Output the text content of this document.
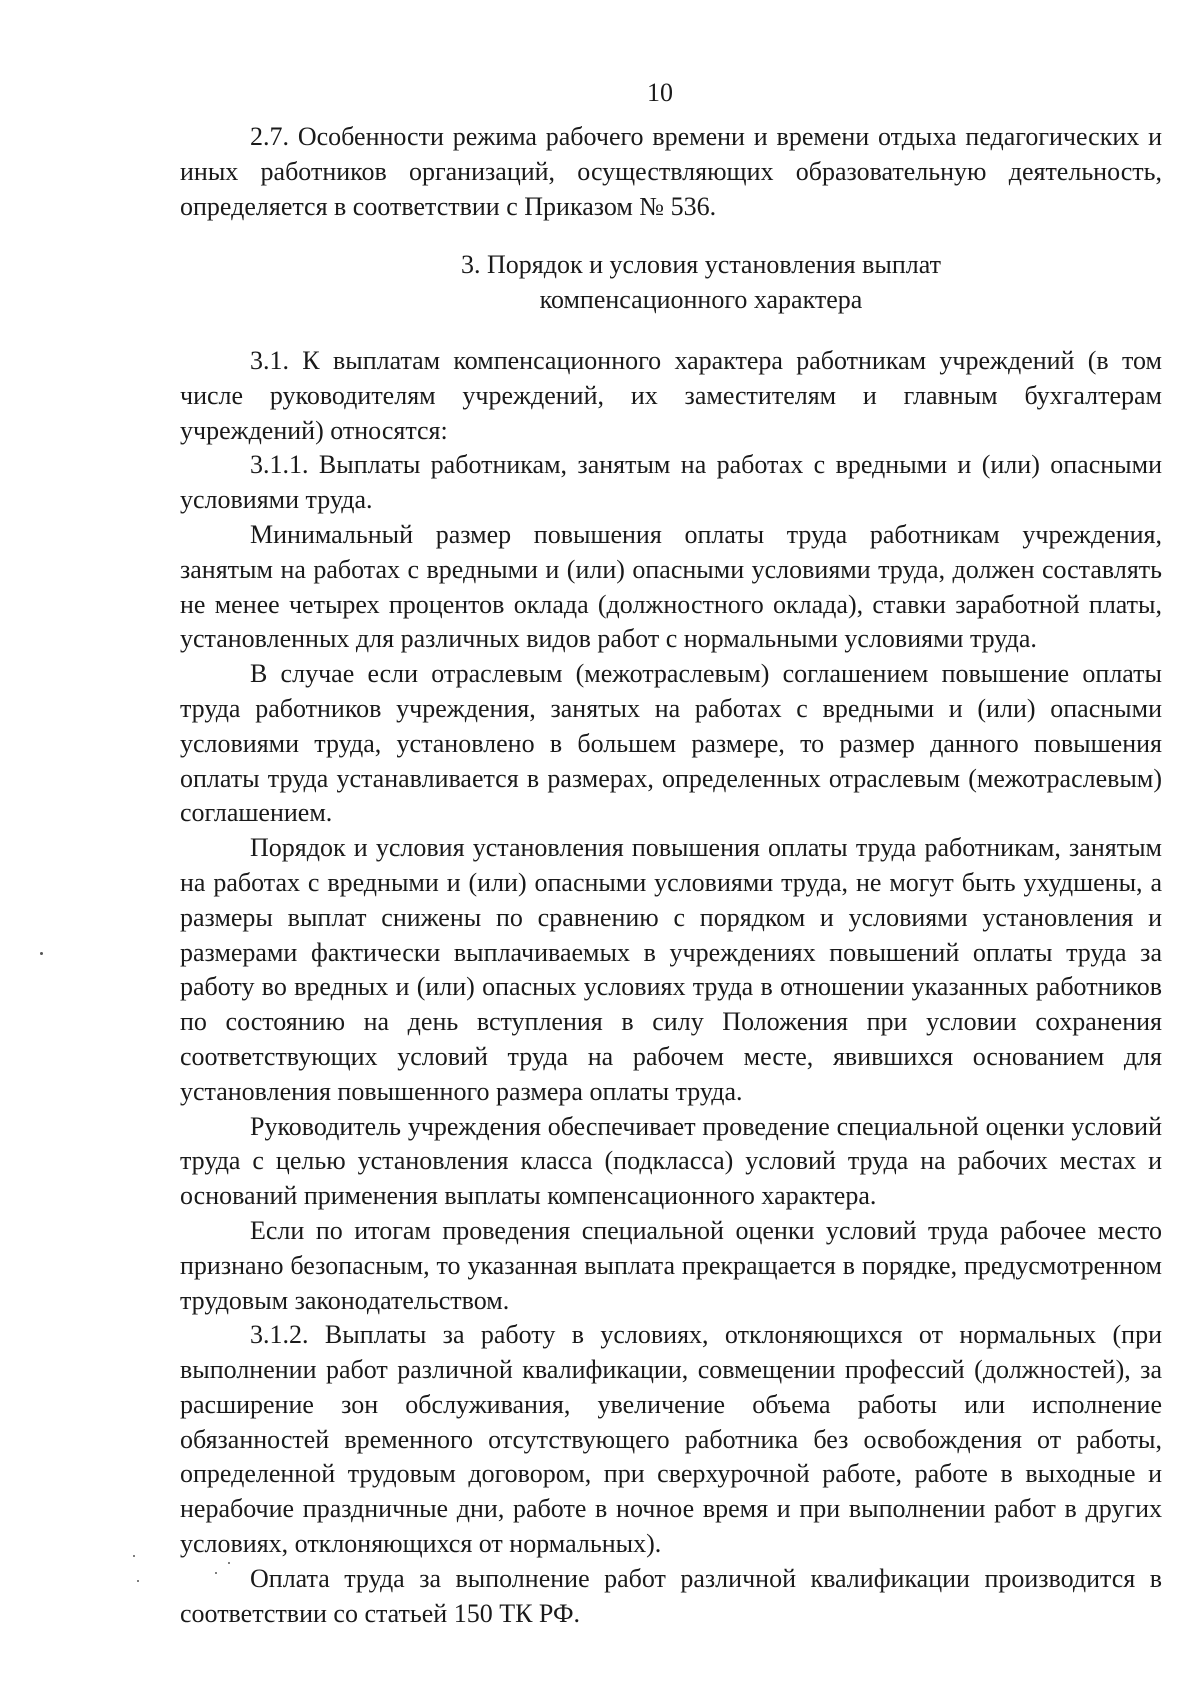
10

2.7. Особенности режима рабочего времени и времени отдыха педагогических и иных работников организаций, осуществляющих образовательную деятельность, определяется в соответствии с Приказом № 536.

3. Порядок и условия установления выплат
компенсационного характера

3.1. К выплатам компенсационного характера работникам учреждений (в том числе руководителям учреждений, их заместителям и главным бухгалтерам учреждений) относятся:

3.1.1. Выплаты работникам, занятым на работах с вредными и (или) опасными условиями труда.

Минимальный размер повышения оплаты труда работникам учреждения, занятым на работах с вредными и (или) опасными условиями труда, должен составлять не менее четырех процентов оклада (должностного оклада), ставки заработной платы, установленных для различных видов работ с нормальными условиями труда.

В случае если отраслевым (межотраслевым) соглашением повышение оплаты труда работников учреждения, занятых на работах с вредными и (или) опасными условиями труда, установлено в большем размере, то размер данного повышения оплаты труда устанавливается в размерах, определенных отраслевым (межотраслевым) соглашением.

Порядок и условия установления повышения оплаты труда работникам, занятым на работах с вредными и (или) опасными условиями труда, не могут быть ухудшены, а размеры выплат снижены по сравнению с порядком и условиями установления и размерами фактически выплачиваемых в учреждениях повышений оплаты труда за работу во вредных и (или) опасных условиях труда в отношении указанных работников по состоянию на день вступления в силу Положения при условии сохранения соответствующих условий труда на рабочем месте, явившихся основанием для установления повышенного размера оплаты труда.

Руководитель учреждения обеспечивает проведение специальной оценки условий труда с целью установления класса (подкласса) условий труда на рабочих местах и оснований применения выплаты компенсационного характера.

Если по итогам проведения специальной оценки условий труда рабочее место признано безопасным, то указанная выплата прекращается в порядке, предусмотренном трудовым законодательством.

3.1.2. Выплаты за работу в условиях, отклоняющихся от нормальных (при выполнении работ различной квалификации, совмещении профессий (должностей), за расширение зон обслуживания, увеличение объема работы или исполнение обязанностей временного отсутствующего работника без освобождения от работы, определенной трудовым договором, при сверхурочной работе, работе в выходные и нерабочие праздничные дни, работе в ночное время и при выполнении работ в других условиях, отклоняющихся от нормальных).

Оплата труда за выполнение работ различной квалификации производится в соответствии со статьей 150 ТК РФ.
